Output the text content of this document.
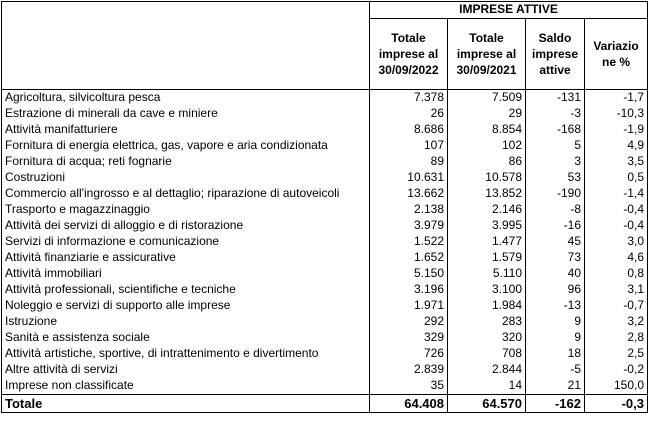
	IMPRESE ATTIVE			
	Totale imprese al 30/09/2022	Totale imprese al 30/09/2021	Saldo imprese attive	Variazio ne %
Agricoltura, silvicoltura pesca	7.378	7.509	-131	-1,7
Estrazione di minerali da cave e miniere	26	29	-3	-10,3
Attività manifatturiere	8.686	8.854	-168	-1,9
Fornitura di energia elettrica, gas, vapore e aria condizionata	107	102	5	4,9
Fornitura di acqua; reti fognarie	89	86	3	3,5
Costruzioni	10.631	10.578	53	0,5
Commercio all'ingrosso e al dettaglio; riparazione di autoveicoli	13.662	13.852	-190	-1,4
Trasporto e magazzinaggio	2.138	2.146	-8	-0,4
Attività dei servizi di alloggio e di ristorazione	3.979	3.995	-16	-0,4
Servizi di informazione e comunicazione	1.522	1.477	45	3,0
Attività finanziarie e assicurative	1.652	1.579	73	4,6
Attività immobiliari	5.150	5.110	40	0,8
Attività professionali, scientifiche e tecniche	3.196	3.100	96	3,1
Noleggio e servizi di supporto alle imprese	1.971	1.984	-13	-0,7
Istruzione	292	283	9	3,2
Sanità e assistenza sociale	329	320	9	2,8
Attività artistiche, sportive, di intrattenimento e divertimento	726	708	18	2,5
Altre attività di servizi	2.839	2.844	-5	-0,2
Imprese non classificate	35	14	21	150,0
Totale	64.408	64.570	-162	-0,3
